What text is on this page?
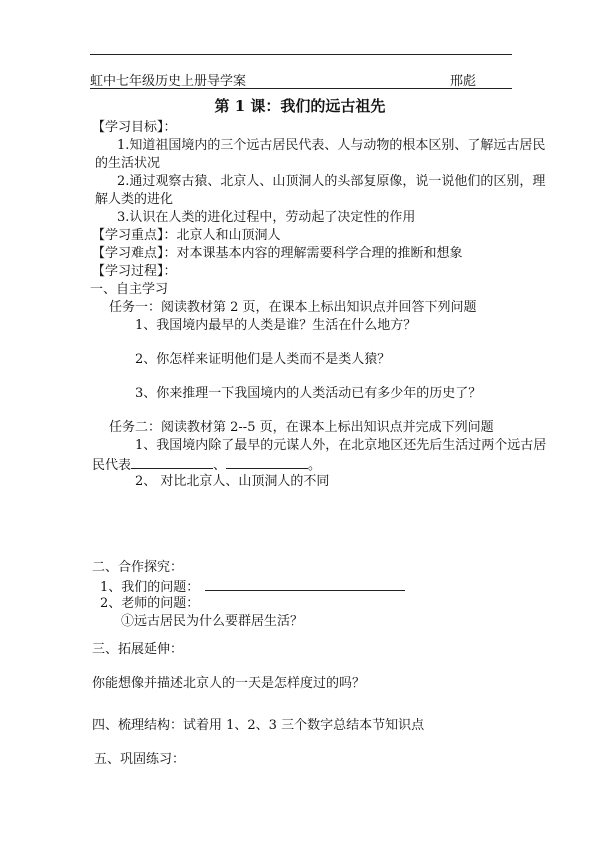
虹中七年级历史上册导学案	邢彪
第 1 课：我们的远古祖先
【学习目标】：
1.知道祖国境内的三个远古居民代表、人与动物的根本区别、了解远古居民
的生活状况
2.通过观察古猿、北京人、山顶洞人的头部复原像，说一说他们的区别，理
解人类的进化
3.认识在人类的进化过程中，劳动起了决定性的作用
【学习重点】：北京人和山顶洞人
【学习难点】：对本课基本内容的理解需要科学合理的推断和想象
【学习过程】：
一、自主学习
任务一：阅读教材第 2 页，在课本上标出知识点并回答下列问题
1、我国境内最早的人类是谁？生活在什么地方？
2、你怎样来证明他们是人类而不是类人猿？
3、你来推理一下我国境内的人类活动已有多少年的历史了？
任务二：阅读教材第 2--5 页，在课本上标出知识点并完成下列问题
1、我国境内除了最早的元谋人外，在北京地区还先后生活过两个远古居
民代表	、	。
2、 对比北京人、山顶洞人的不同
二、合作探究：
1、我们的问题：
2、老师的问题：
①远古居民为什么要群居生活？
三、拓展延伸：
你能想像并描述北京人的一天是怎样度过的吗？
四、梳理结构：试着用 1、2、3 三个数字总结本节知识点
五、巩固练习：
